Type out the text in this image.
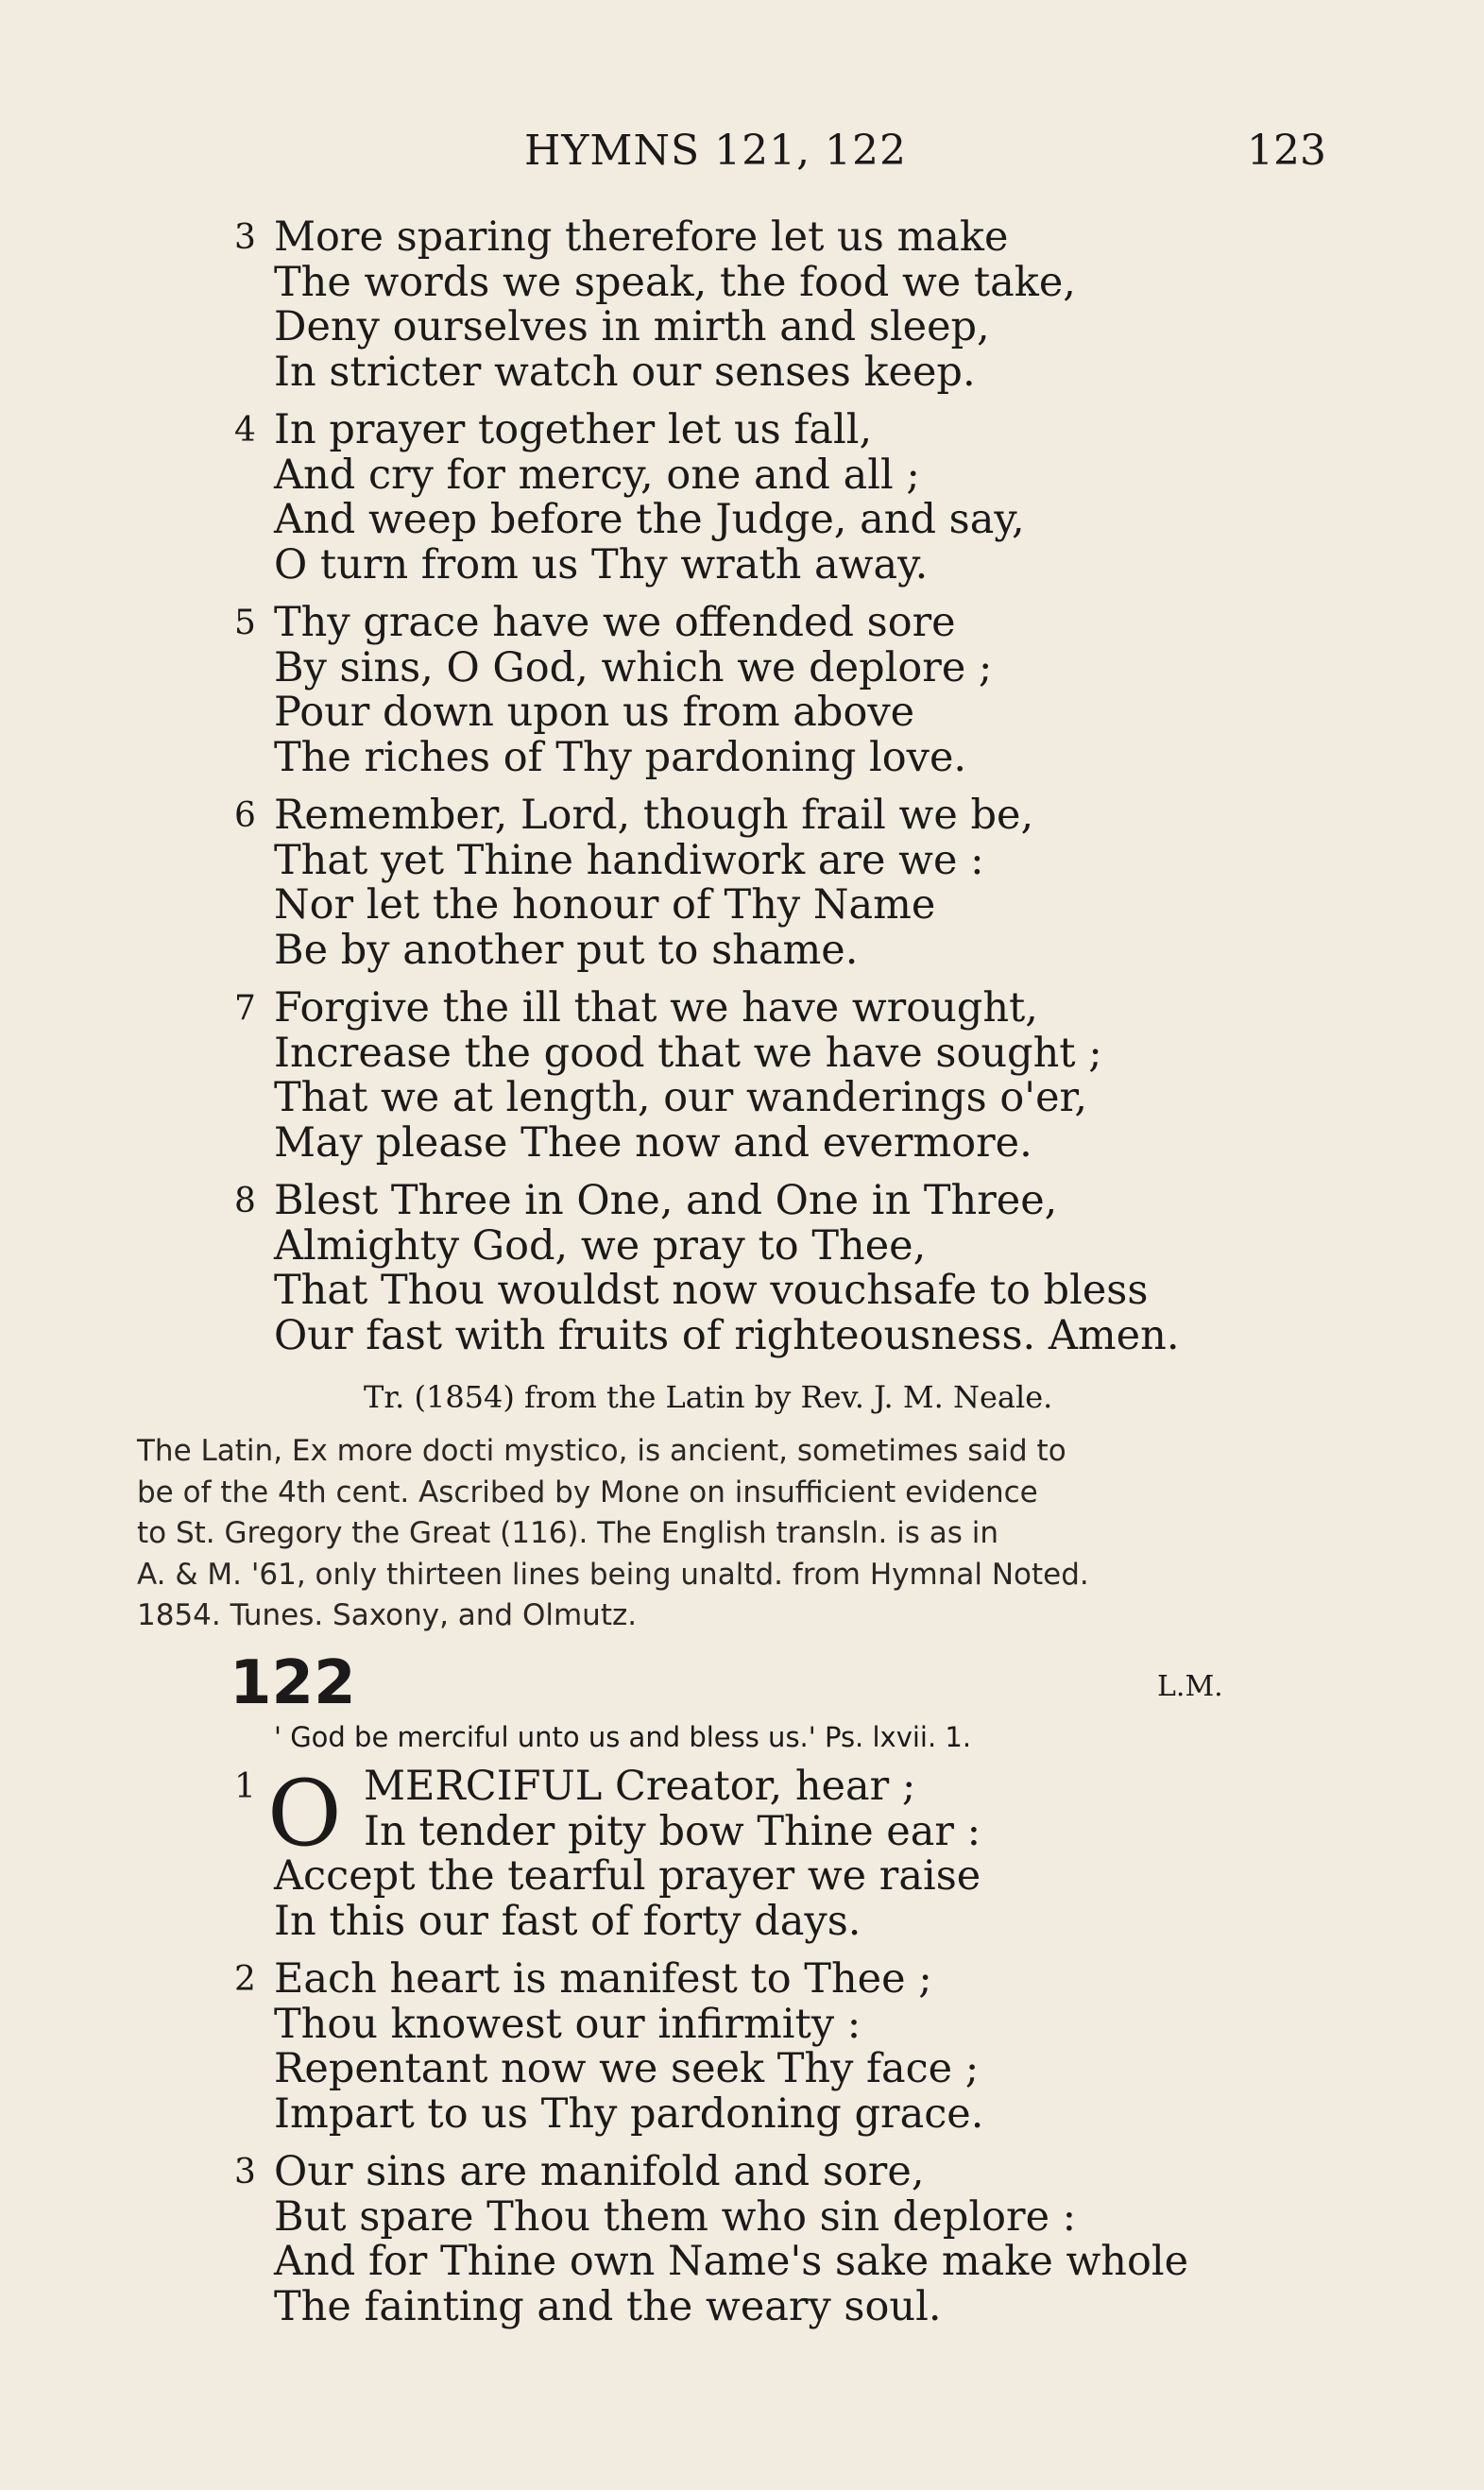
HYMNS 121, 122	123
3 More sparing therefore let us make
The words we speak, the food we take,
Deny ourselves in mirth and sleep,
In stricter watch our senses keep.
4 In prayer together let us fall,
And cry for mercy, one and all ;
And weep before the Judge, and say,
O turn from us Thy wrath away.
5 Thy grace have we offended sore
By sins, O God, which we deplore ;
Pour down upon us from above
The riches of Thy pardoning love.
6 Remember, Lord, though frail we be,
That yet Thine handiwork are we :
Nor let the honour of Thy Name
Be by another put to shame.
7 Forgive the ill that we have wrought,
Increase the good that we have sought ;
That we at length, our wanderings o'er,
May please Thee now and evermore.
8 Blest Three in One, and One in Three,
Almighty God, we pray to Thee,
That Thou wouldst now vouchsafe to bless
Our fast with fruits of righteousness. Amen.
Tr. (1854) from the Latin by Rev. J. M. Neale.
The Latin, Ex more docti mystico, is ancient, sometimes said to
be of the 4th cent. Ascribed by Mone on insufficient evidence
to St. Gregory the Great (116). The English transln. is as in
A. & M. '61, only thirteen lines being unaltd. from Hymnal Noted.
1854. Tunes. Saxony, and Olmutz.
122	L.M.
' God be merciful unto us and bless us.' Ps. lxvii. 1.
O
1	MERCIFUL Creator, hear ;
In tender pity bow Thine ear :
Accept the tearful prayer we raise
In this our fast of forty days.
2 Each heart is manifest to Thee ;
Thou knowest our infirmity :
Repentant now we seek Thy face ;
Impart to us Thy pardoning grace.
3 Our sins are manifold and sore,
But spare Thou them who sin deplore :
And for Thine own Name's sake make whole
The fainting and the weary soul.
